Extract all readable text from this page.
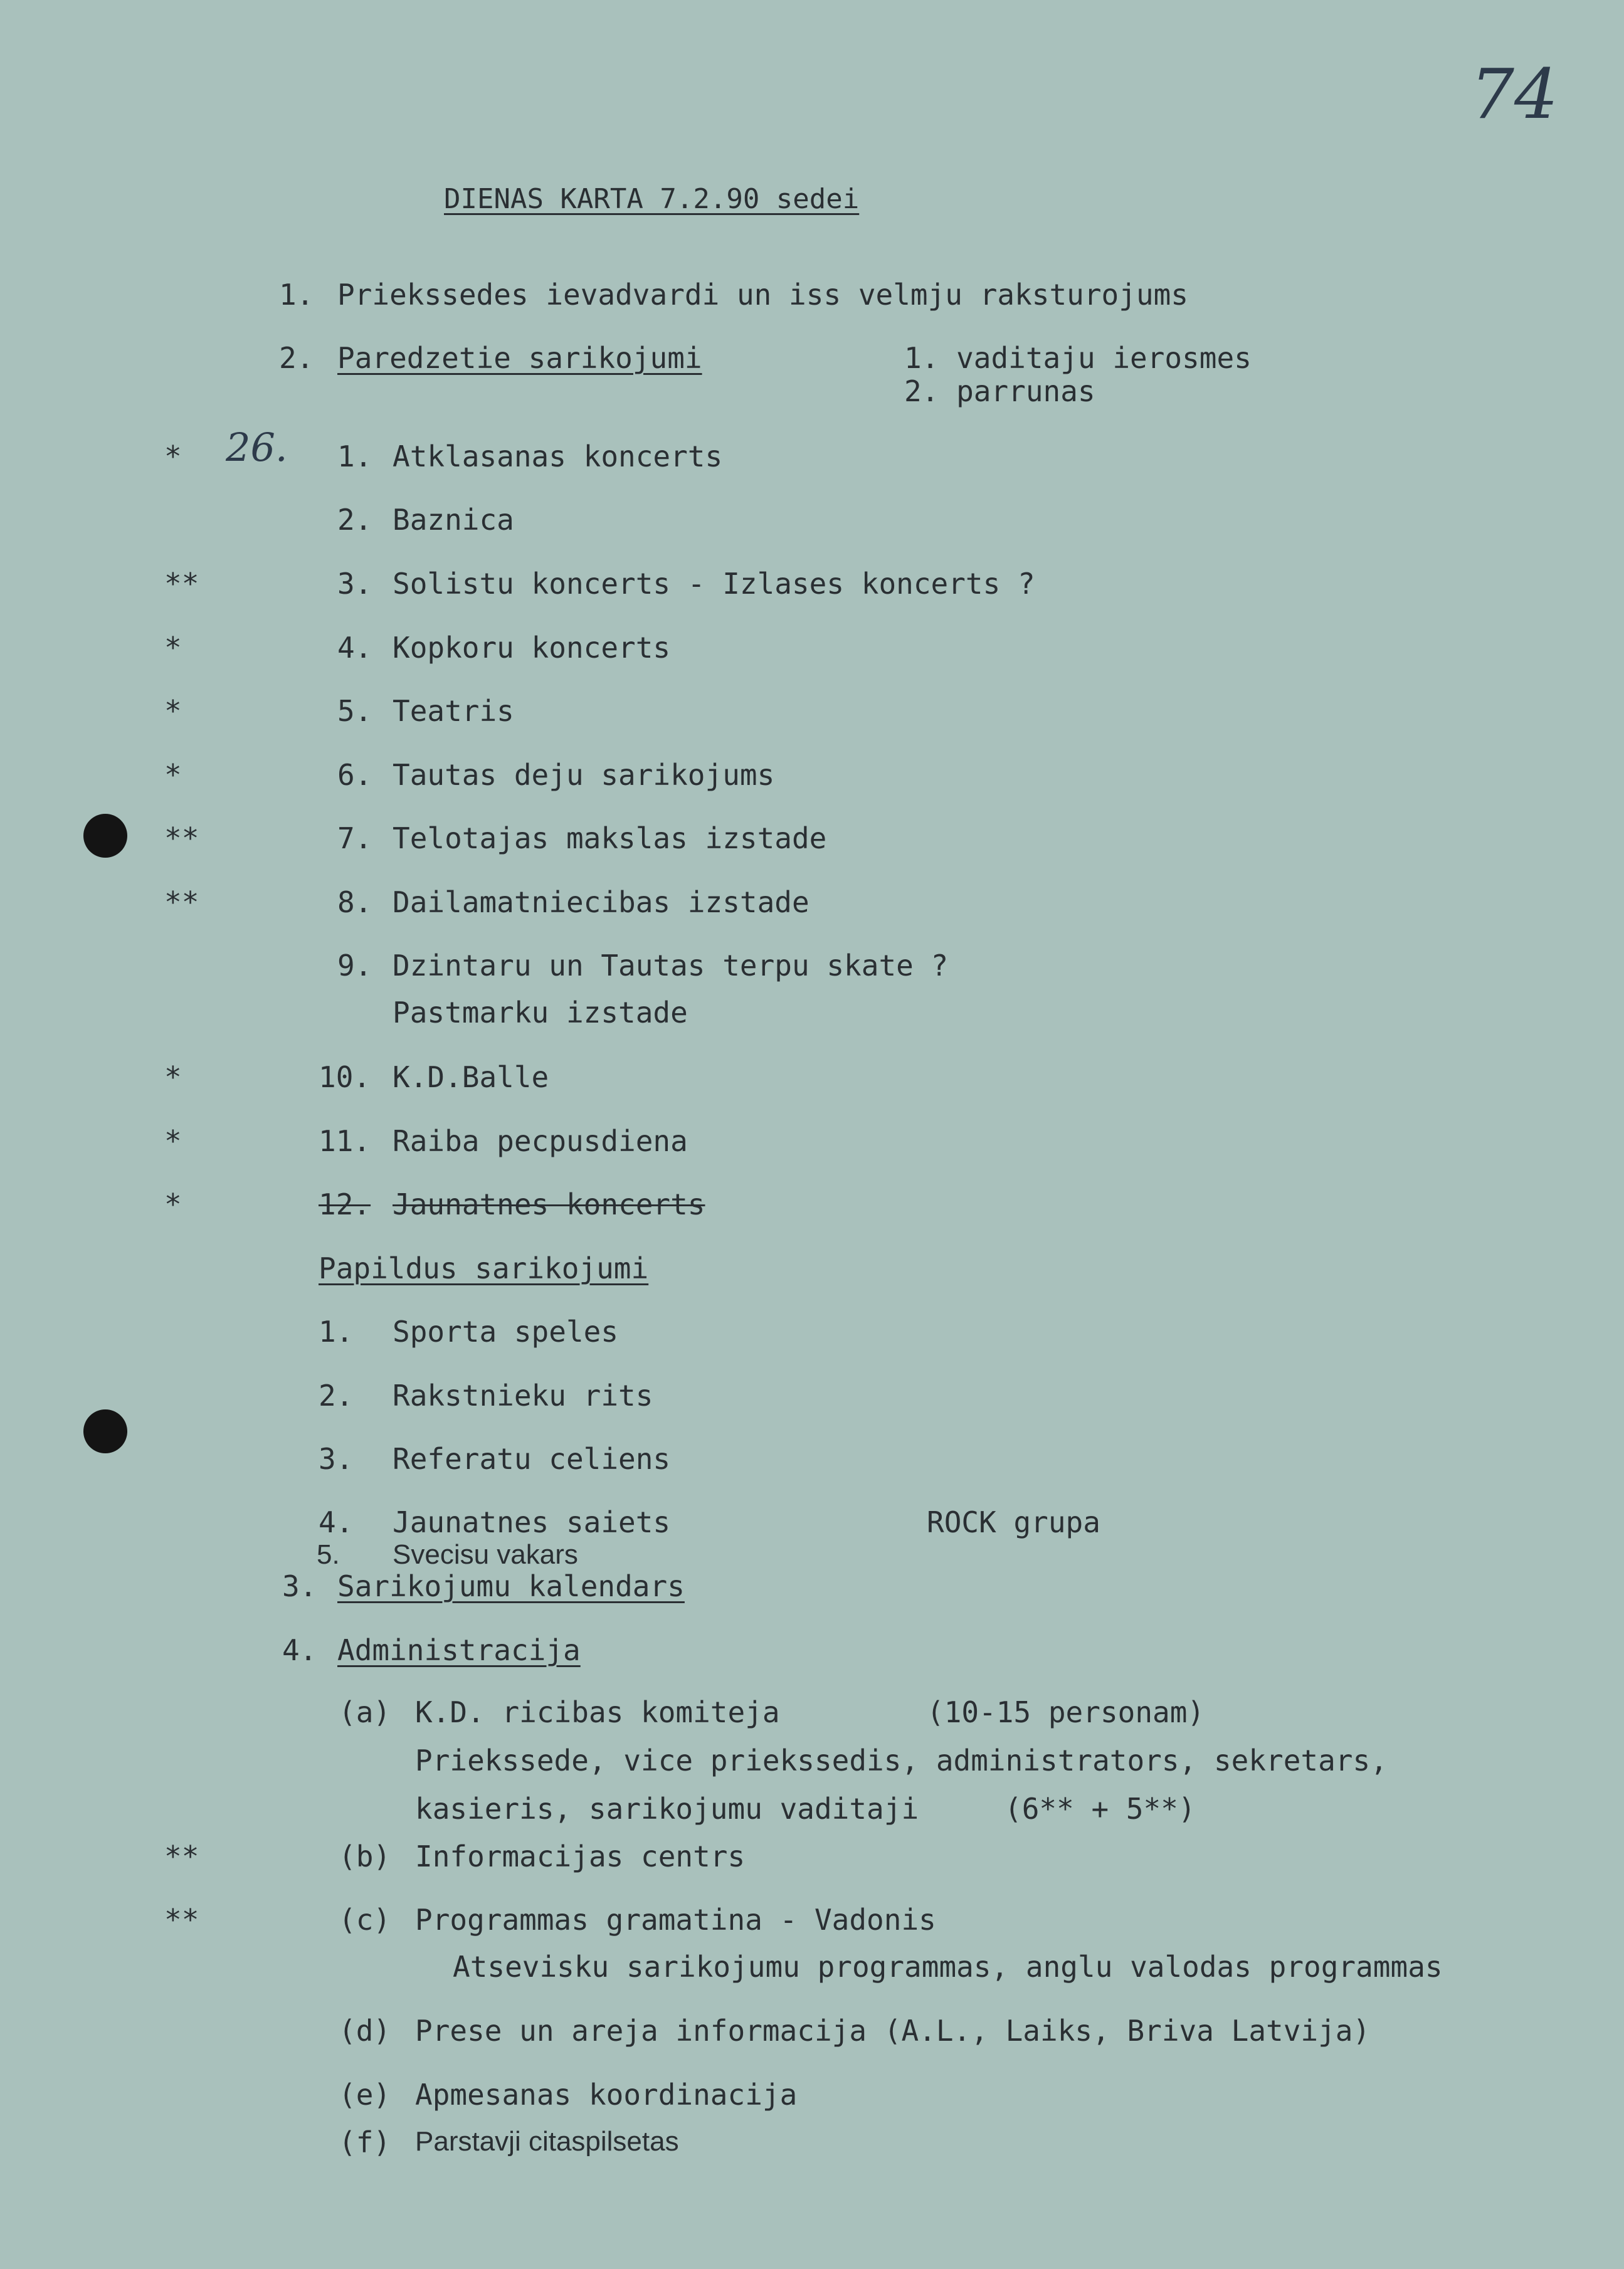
74
26.
DIENAS KARTA 7.2.90 sedei
1. Priekssedes ievadvardi un iss velmju raksturojums
2. Paredzetie sarikojumi	1. vaditaju ierosmes
2. parrunas
*	1. Atklasanas koncerts
2. Baznica
**	3. Solistu koncerts - Izlases koncerts ?
*	4. Kopkoru koncerts
*	5. Teatris
*	6. Tautas deju sarikojums
**	7. Telotajas makslas izstade
**	8. Dailamatniecibas izstade
9. Dzintaru un Tautas terpu skate ?
Pastmarku izstade
*	10. K.D.Balle
*	11. Raiba pecpusdiena
*	12. Jaunatnes koncerts
Papildus sarikojumi
1. Sporta speles
2. Rakstnieku rits
3. Referatu celiens
4. Jaunatnes saiets	ROCK grupa
5. Svecisu vakars
3. Sarikojumu kalendars
4. Administracija
(a) K.D. ricibas komiteja	(10-15 personam)
Priekssede, vice priekssedis, administrators, sekretars,
kasieris, sarikojumu vaditaji	(6** + 5**)
**	(b) Informacijas centrs
**	(c) Programmas gramatina - Vadonis
Atsevisku sarikojumu programmas, anglu valodas programmas
(d) Prese un areja informacija (A.L., Laiks, Briva Latvija)
(e) Apmesanas koordinacija
(f) Parstavji citaspilsetas
